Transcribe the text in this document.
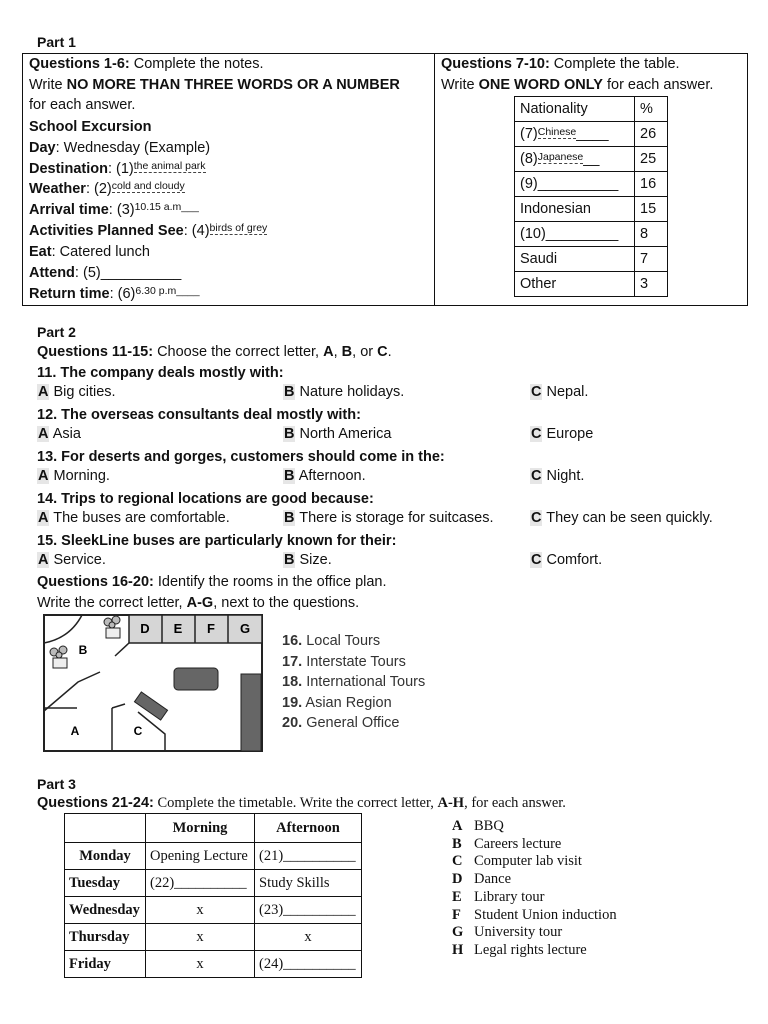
Part 1
Questions 1-6: Complete the notes.
Write NO MORE THAN THREE WORDS OR A NUMBER
for each answer.
School Excursion
Day: Wednesday (Example)
Destination: (1)the animal park
Weather: (2)cold and cloudy
Arrival time: $(3)^{10.15 a.m\_\_\_}$
Activities Planned See: (4)birds of grey
Eat: Catered lunch
Attend: (5)__________
Return time: $(6)^{6.30 p.m\_\_\_\_}$
Questions 7-10: Complete the table.
Write ONE WORD ONLY for each answer.
Nationality	%
(7)Chinese____	26
(8)Japanese__	25
(9)__________	16
Indonesian	15
(10)_________	8
Saudi	7
Other	3
Part 2
Questions 11-15: Choose the correct letter, A, B, or C.
11. The company deals mostly with:
A Big cities.	B Nature holidays.	C Nepal.
12. The overseas consultants deal mostly with:
A Asia	B North America	C Europe
13. For deserts and gorges, customers should come in the:
A Morning.	B Afternoon.	C Night.
14. Trips to regional locations are good because:
A The buses are comfortable.	B There is storage for suitcases.	C They can be seen quickly.
15. SleekLine buses are particularly known for their:
A Service.	B Size.	C Comfort.
Questions 16-20: Identify the rooms in the office plan.
Write the correct letter, A-G, next to the questions.
D E F G
B
A	C
16. Local Tours
17. Interstate Tours
18. International Tours
19. Asian Region
20. General Office
Part 3
Questions 21-24: Complete the timetable. Write the correct letter, A-H, for each answer.
	Morning	Afternoon
Monday	Opening Lecture	(21)__________
Tuesday	(22)__________	Study Skills
Wednesday	x	(23)__________
Thursday	x	x
Friday	x	(24)__________
A BBQ
B Careers lecture
C Computer lab visit
D Dance
E Library tour
F Student Union induction
G University tour
H Legal rights lecture
